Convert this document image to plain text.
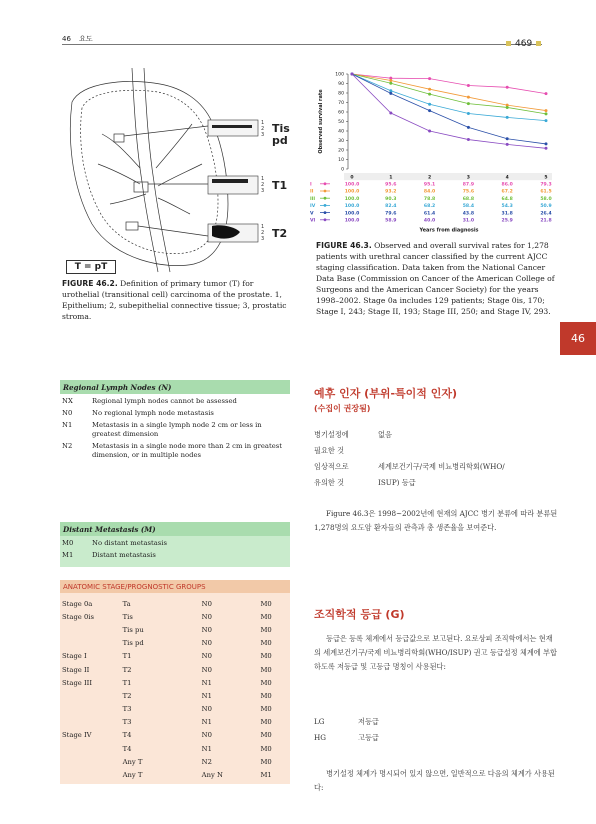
46 요도	469
46
1
2
3
1
2
3
1
2
3
Tis
pd
T1
T2
T = pT
FIGURE 46.2. Definition of primary tumor (T) for urothelial (transitional cell) carcinoma of the prostate. 1, Epithelium; 2, subepithelial connective tissue; 3, prostatic stroma.
0
10
20
30
40
50
60
70
80
90
100
Observed survival rate
0	1	2	3	4	5
I	100.0	95.6	95.1	87.9	86.0	79.3
II	100.0	93.2	84.0	75.6	67.2	61.5
III	100.0	90.3	78.8	68.8	64.8	58.0
IV	100.0	82.4	68.2	58.4	54.3	50.9
V	100.0	79.6	61.4	43.8	31.8	26.4
VI	100.0	58.9	40.0	31.0	25.9	21.8
Years from diagnosis
FIGURE 46.3. Observed and overall survival rates for 1,278 patients with urethral cancer classified by the current AJCC staging classification. Data taken from the National Cancer Data Base (Commission on Cancer of the American College of Surgeons and the American Cancer Society) for the years 1998–2002. Stage 0a includes 129 patients; Stage 0is, 170; Stage I, 243; Stage II, 193; Stage III, 250; and Stage IV, 293.
Regional Lymph Nodes (N)
NX	Regional lymph nodes cannot be assessed
N0	No regional lymph node metastasis
N1	Metastasis in a single lymph node 2 cm or less in greatest dimension
N2	Metastasis in a single node more than 2 cm in greatest dimension, or in multiple nodes
Distant Metastasis (M)
M0	No distant metastasis
M1	Distant metastasis
ANATOMIC STAGE/PROGNOSTIC GROUPS
Stage 0a	Ta	N0	M0
Stage 0is	Tis	N0	M0
Tis pu	N0	M0
Tis pd	N0	M0
Stage I	T1	N0	M0
Stage II	T2	N0	M0
Stage III	T1	N1	M0
T2	N1	M0
T3	N0	M0
T3	N1	M0
Stage IV	T4	N0	M0
T4	N1	M0
Any T	N2	M0
Any T	Any N	M1
예후 인자 (부위-특이적 인자)
(수집이 권장됨)
병기설정에	없음
필요한 것
임상적으로	세계보건기구/국제 비뇨병리학회(WHO/
유의한 것	ISUP) 등급
Figure 46.3은 1998~2002년에 현재의 AJCC 병기 분류에 따라 분류된 1,278명의 요도암 환자들의 관측과 총 생존율을 보여준다.
조직학적 등급 (G)
등급은 등록 체계에서 등급값으로 보고된다. 요로상피 조직학에서는 현재의 세계보건기구/국제 비뇨병리학회(WHO/ISUP) 권고 등급설정 체계에 부합하도록 저등급 및 고등급 명칭이 사용된다:
LG	저등급
HG	고등급
병기설정 체계가 명시되어 있지 않으면, 일반적으로 다음의 체계가 사용된다:
